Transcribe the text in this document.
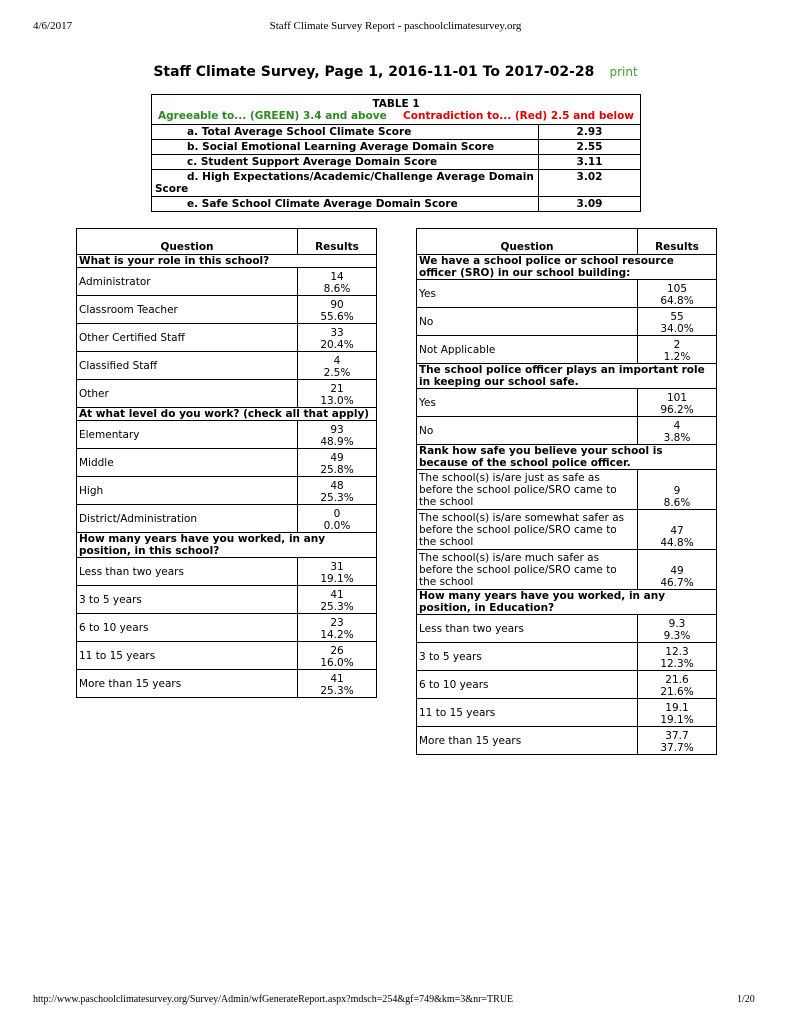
4/6/2017	Staff Climate Survey Report - paschoolclimatesurvey.org
Staff Climate Survey, Page 1, 2016-11-01 To 2017-02-28 print
TABLE 1
Agreeable to... (GREEN) 3.4 and above Contradiction to... (Red) 2.5 and below	

a. Total Average School Climate Score	2.93
b. Social Emotional Learning Average Domain Score	2.55
c. Student Support Average Domain Score	3.11
d. High Expectations/Academic/Challenge Average Domain Score	3.02
e. Safe School Climate Average Domain Score	3.09
Question	Results
What is your role in this school?	
Administrator	14
8.6%

Classroom Teacher	90
55.6%

Other Certified Staff	33
20.4%

Classified Staff	4
2.5%

Other	21
13.0%

At what level do you work? (check all that apply)	
Elementary	93
48.9%

Middle	49
25.8%

High	48
25.3%

District/Administration	0
0.0%

How many years have you worked, in any position, in this school?	
Less than two years	31
19.1%

3 to 5 years	41
25.3%

6 to 10 years	23
14.2%

11 to 15 years	26
16.0%

More than 15 years	41
25.3%
Question	Results
We have a school police or school resource officer (SRO) in our school building:	
Yes	105
64.8%

No	55
34.0%

Not Applicable	2
1.2%

The school police officer plays an important role in keeping our school safe.	
Yes	101
96.2%

No	4
3.8%

Rank how safe you believe your school is because of the school police officer.	
The school(s) is/are just as safe as before the school police/SRO came to the school	9
8.6%

The school(s) is/are somewhat safer as before the school police/SRO came to the school	47
44.8%

The school(s) is/are much safer as before the school police/SRO came to the school	49
46.7%

How many years have you worked, in any position, in Education?	
Less than two years	9.3
9.3%

3 to 5 years	12.3
12.3%

6 to 10 years	21.6
21.6%

11 to 15 years	19.1
19.1%

More than 15 years	37.7
37.7%
http://www.paschoolclimatesurvey.org/Survey/Admin/wfGenerateReport.aspx?mdsch=254&gf=749&km=3&nr=TRUE	1/20
